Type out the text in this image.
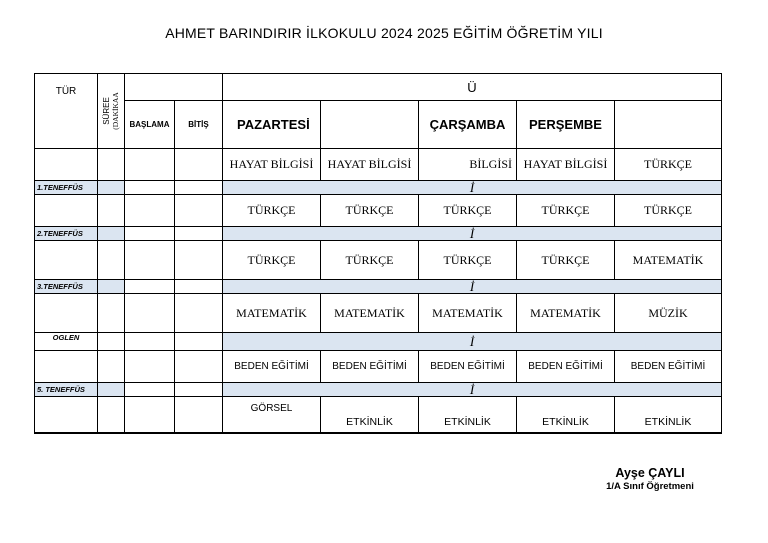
AHMET BARINDIRIR İLKOKULU 2024 2025 EĞİTİM ÖĞRETİM YILI
TÜR	SÜREE (DAKİKAA			Ü				
		BAŞLAMA	BİTİŞ	PAZARTESİ		ÇARŞAMBA	PERŞEMBE	
				HAYAT BİLGİSİ	HAYAT BİLGİSİ	BİLGİSİ	HAYAT BİLGİSİ	TÜRKÇE
1.TENEFFÜS				İ				
				TÜRKÇE	TÜRKÇE	TÜRKÇE	TÜRKÇE	TÜRKÇE
2.TENEFFÜS				İ				
				TÜRKÇE	TÜRKÇE	TÜRKÇE	TÜRKÇE	MATEMATİK
3.TENEFFÜS				İ				
				MATEMATİK	MATEMATİK	MATEMATİK	MATEMATİK	MÜZİK
OGLEN				İ				
				BEDEN EĞİTİMİ	BEDEN EĞİTİMİ	BEDEN EĞİTİMİ	BEDEN EĞİTİMİ	BEDEN EĞİTİMİ
5. TENEFFÜS				İ				
				GÖRSEL	ETKİNLİK	ETKİNLİK	ETKİNLİK	ETKİNLİK
Ayşe ÇAYLI
1/A Sınıf Öğretmeni
